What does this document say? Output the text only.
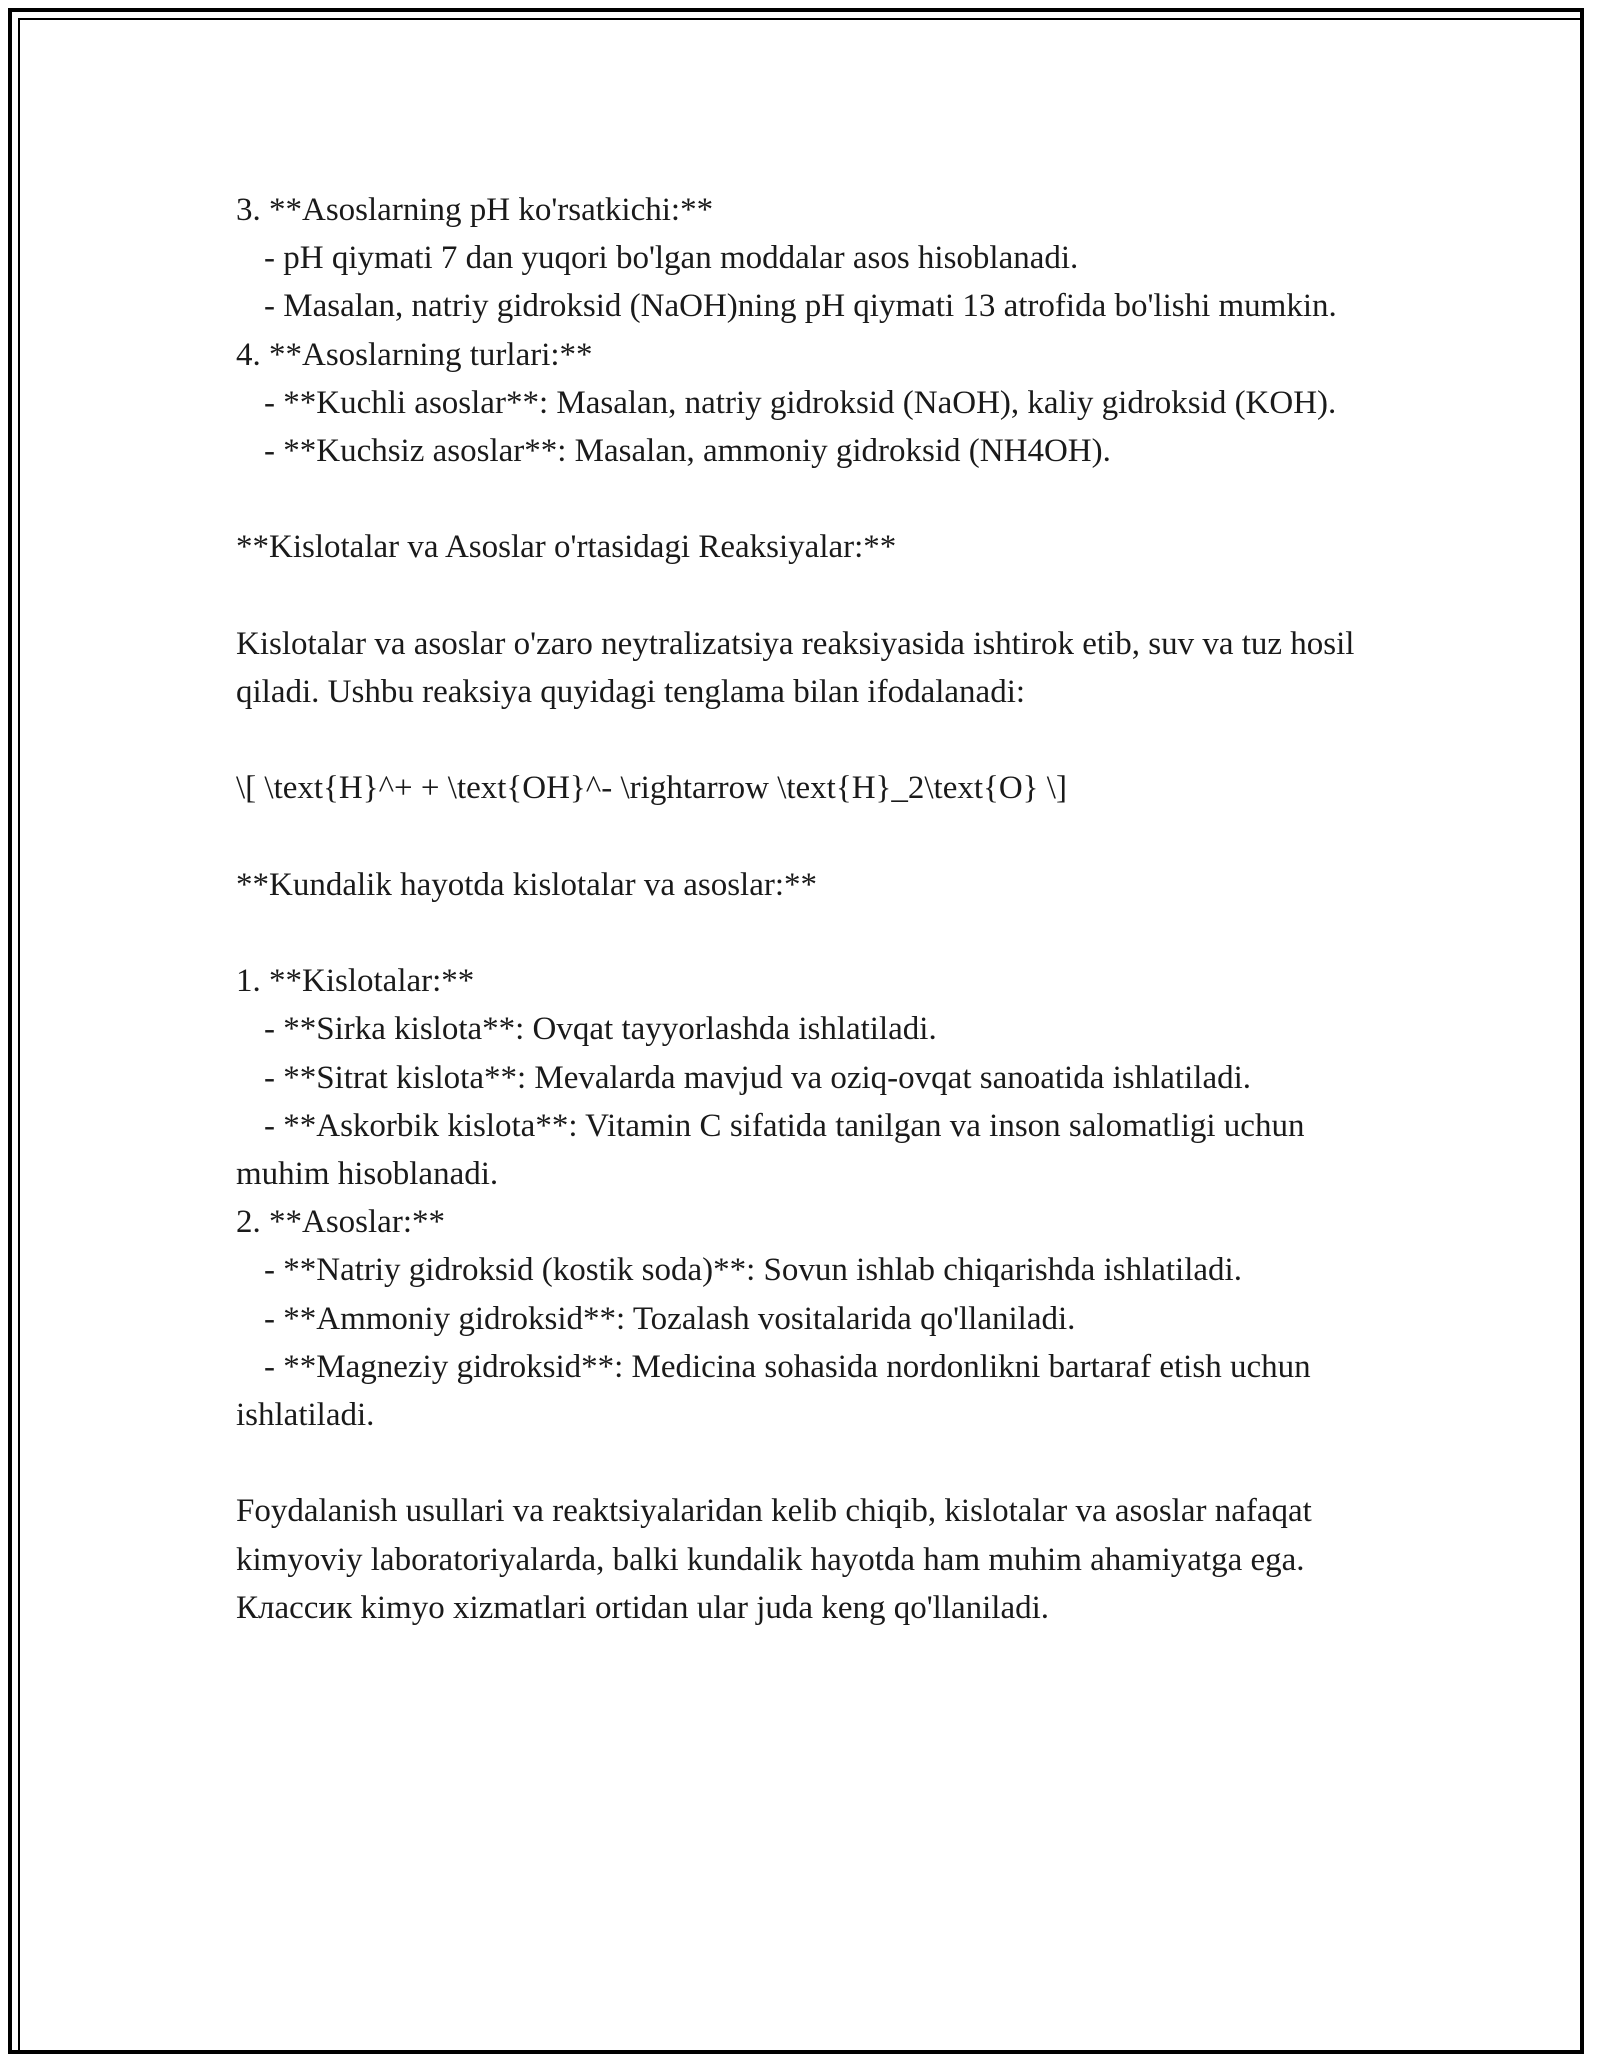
3. **Asoslarning pH ko'rsatkichi:**
- pH qiymati 7 dan yuqori bo'lgan moddalar asos hisoblanadi.
- Masalan, natriy gidroksid (NaOH)ning pH qiymati 13 atrofida bo'lishi mumkin.
4. **Asoslarning turlari:**
- **Kuchli asoslar**: Masalan, natriy gidroksid (NaOH), kaliy gidroksid (KOH).
- **Kuchsiz asoslar**: Masalan, ammoniy gidroksid (NH4OH).
**Kislotalar va Asoslar o'rtasidagi Reaksiyalar:**
Kislotalar va asoslar o'zaro neytralizatsiya reaksiyasida ishtirok etib, suv va tuz hosil qiladi. Ushbu reaksiya quyidagi tenglama bilan ifodalanadi:
\[ \text{H}^+ + \text{OH}^- \rightarrow \text{H}_2\text{O} \]
**Kundalik hayotda kislotalar va asoslar:**
1. **Kislotalar:**
- **Sirka kislota**: Ovqat tayyorlashda ishlatiladi.
- **Sitrat kislota**: Mevalarda mavjud va oziq-ovqat sanoatida ishlatiladi.
- **Askorbik kislota**: Vitamin C sifatida tanilgan va inson salomatligi uchun muhim hisoblanadi.
2. **Asoslar:**
- **Natriy gidroksid (kostik soda)**: Sovun ishlab chiqarishda ishlatiladi.
- **Ammoniy gidroksid**: Tozalash vositalarida qo'llaniladi.
- **Magneziy gidroksid**: Medicina sohasida nordonlikni bartaraf etish uchun ishlatiladi.
Foydalanish usullari va reaktsiyalaridan kelib chiqib, kislotalar va asoslar nafaqat kimyoviy laboratoriyalarda, balki kundalik hayotda ham muhim ahamiyatga ega. Классик kimyo xizmatlari ortidan ular juda keng qo'llaniladi.
